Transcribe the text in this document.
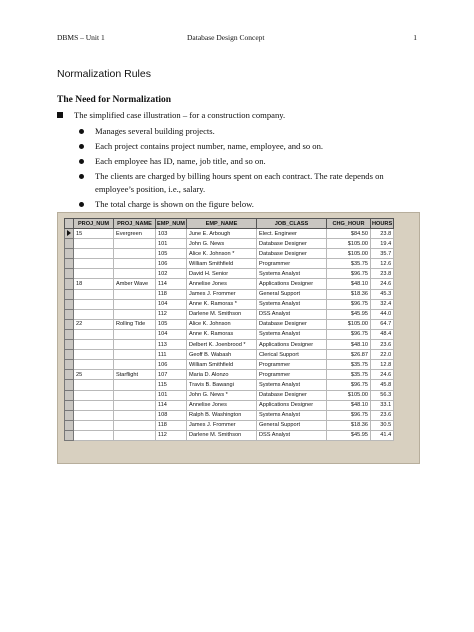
DBMS – Unit 1	Database Design Concept	1
Normalization Rules
The Need for Normalization
The simplified case illustration – for a construction company.
Manages several building projects.
Each project contains project number, name, employee, and so on.
Each employee has ID, name, job title, and so on.
The clients are charged by billing hours spent on each contract. The rate depends on employee’s position, i.e., salary.
The total charge is shown on the figure below.
	PROJ_NUM	PROJ_NAME	EMP_NUM	EMP_NAME	JOB_CLASS	CHG_HOUR	HOURS
	15	Evergreen	103	June E. Arbough	Elect. Engineer	$84.50	23.8
			101	John G. News	Database Designer	$105.00	19.4
			105	Alice K. Johnson *	Database Designer	$105.00	35.7
			106	William Smithfield	Programmer	$35.75	12.6
			102	David H. Senior	Systems Analyst	$96.75	23.8
	18	Amber Wave	114	Annelise Jones	Applications Designer	$48.10	24.6
			118	James J. Frommer	General Support	$18.36	45.3
			104	Anne K. Ramoras *	Systems Analyst	$96.75	32.4
			112	Darlene M. Smithson	DSS Analyst	$45.95	44.0
	22	Rolling Tide	105	Alice K. Johnson	Database Designer	$105.00	64.7
			104	Anne K. Ramoras	Systems Analyst	$96.75	48.4
			113	Delbert K. Joenbrood *	Applications Designer	$48.10	23.6
			111	Geoff B. Wabash	Clerical Support	$26.87	22.0
			106	William Smithfield	Programmer	$35.75	12.8
	25	Starflight	107	Maria D. Alonzo	Programmer	$35.75	24.6
			115	Travis B. Bawangi	Systems Analyst	$96.75	45.8
			101	John G. News *	Database Designer	$105.00	56.3
			114	Annelise Jones	Applications Designer	$48.10	33.1
			108	Ralph B. Washington	Systems Analyst	$96.75	23.6
			118	James J. Frommer	General Support	$18.36	30.5
			112	Darlene M. Smithson	DSS Analyst	$45.95	41.4
